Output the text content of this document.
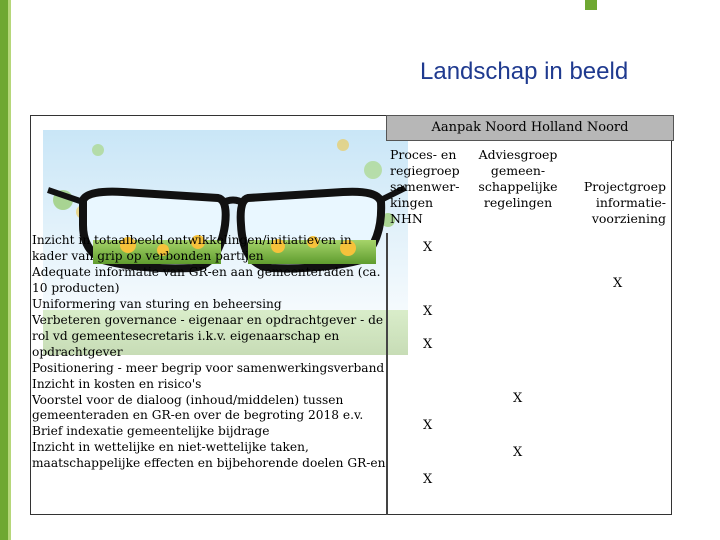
Landschap in beeld
Aanpak Noord Holland Noord
Proces- en
regiegroep
samenwer-
kingen
NHN
Adviesgroep
gemeen-
schappelijke
regelingen
Projectgroep
informatie-
voorziening
Inzicht in totaalbeeld ontwikkelingen/initiatieven in kader van grip op verbonden partijen
Adequate informatie van GR-en aan gemeenteraden (ca. 10 producten)
Uniformering van sturing en beheersing
Verbeteren governance - eigenaar en opdrachtgever - de rol vd gemeentesecretaris i.k.v. eigenaarschap en opdrachtgever
Positionering - meer begrip voor samenwerkingsverband
Inzicht in kosten en risico's
Voorstel voor de dialoog (inhoud/middelen) tussen gemeenteraden en GR-en over de begroting 2018 e.v.
Brief indexatie gemeentelijke bijdrage
Inzicht in wettelijke en niet-wettelijke taken, maatschappelijke effecten en bijbehorende doelen GR-en
X
X
X
X
X
X
X
X
